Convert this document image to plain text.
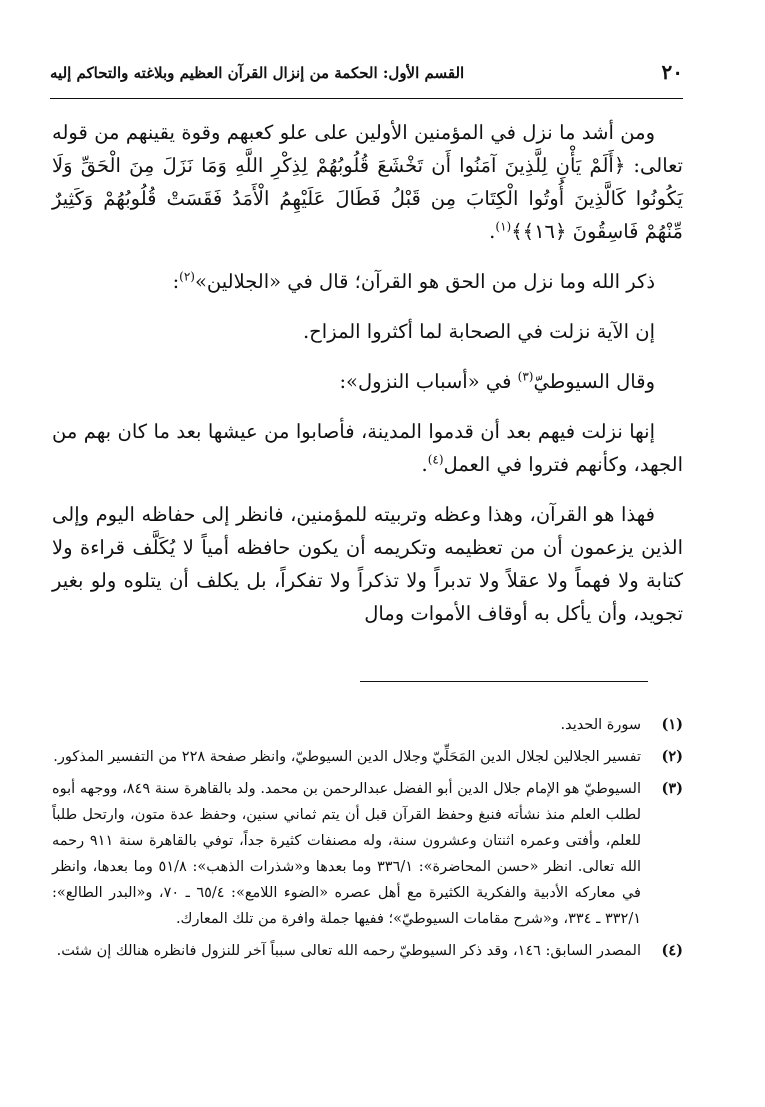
٢٠
القسم الأول: الحكمة من إنزال القرآن العظيم وبلاغته والتحاكم إليه

ومن أشد ما نزل في المؤمنين الأولين على علو كعبهم وقوة يقينهم من قوله تعالى: ﴿أَلَمْ يَأْنِ لِلَّذِينَ آمَنُوا أَن تَخْشَعَ قُلُوبُهُمْ لِذِكْرِ اللَّهِ وَمَا نَزَلَ مِنَ الْحَقِّ وَلَا يَكُونُوا كَالَّذِينَ أُوتُوا الْكِتَابَ مِن قَبْلُ فَطَالَ عَلَيْهِمُ الْأَمَدُ فَقَسَتْ قُلُوبُهُمْ وَكَثِيرٌ مِّنْهُمْ فَاسِقُونَ ﴿١٦﴾﴾$^{(١)}$.

ذكر الله وما نزل من الحق هو القرآن؛ قال في «الجلالين»$^{(٢)}$:

إن الآية نزلت في الصحابة لما أكثروا المزاح.

وقال السيوطيّ$^{(٣)}$ في «أسباب النزول»:

إنها نزلت فيهم بعد أن قدموا المدينة، فأصابوا من عيشها بعد ما كان بهم من الجهد، وكأنهم فتروا في العمل$^{(٤)}$.

فهذا هو القرآن، وهذا وعظه وتربيته للمؤمنين، فانظر إلى حفاظه اليوم وإلى الذين يزعمون أن من تعظيمه وتكريمه أن يكون حافظه أمياً لا يُكَلَّف قراءة ولا كتابة ولا فهماً ولا عقلاً ولا تدبراً ولا تذكراً ولا تفكراً، بل يكلف أن يتلوه ولو بغير تجويد، وأن يأكل به أوقاف الأموات ومال

(١)
سورة الحديد.
(٢)
تفسير الجلالين لجلال الدين المَحَلِّيّ وجلال الدين السيوطيّ، وانظر صفحة ٢٢٨ من التفسير المذكور.
(٣)
السيوطيّ هو الإمام جلال الدين أبو الفضل عبدالرحمن بن محمد. ولد بالقاهرة سنة ٨٤٩، ووجهه أبوه لطلب العلم منذ نشأته فنبغ وحفظ القرآن قبل أن يتم ثماني سنين، وحفظ عدة متون، وارتحل طلباً للعلم، وأفتى وعمره اثنتان وعشرون سنة، وله مصنفات كثيرة جداً، توفي بالقاهرة سنة ٩١١ رحمه الله تعالى. انظر «حسن المحاضرة»: ٣٣٦/١ وما بعدها و«شذرات الذهب»: ٥١/٨ وما بعدها، وانظر في معاركه الأدبية والفكرية الكثيرة مع أهل عصره «الضوء اللامع»: ٦٥/٤ ـ ٧٠، و«البدر الطالع»: ٣٣٢/١ ـ ٣٣٤، و«شرح مقامات السيوطيّ»؛ ففيها جملة وافرة من تلك المعارك.
(٤)
المصدر السابق: ١٤٦، وقد ذكر السيوطيّ رحمه الله تعالى سبباً آخر للنزول فانظره هنالك إن شئت.
